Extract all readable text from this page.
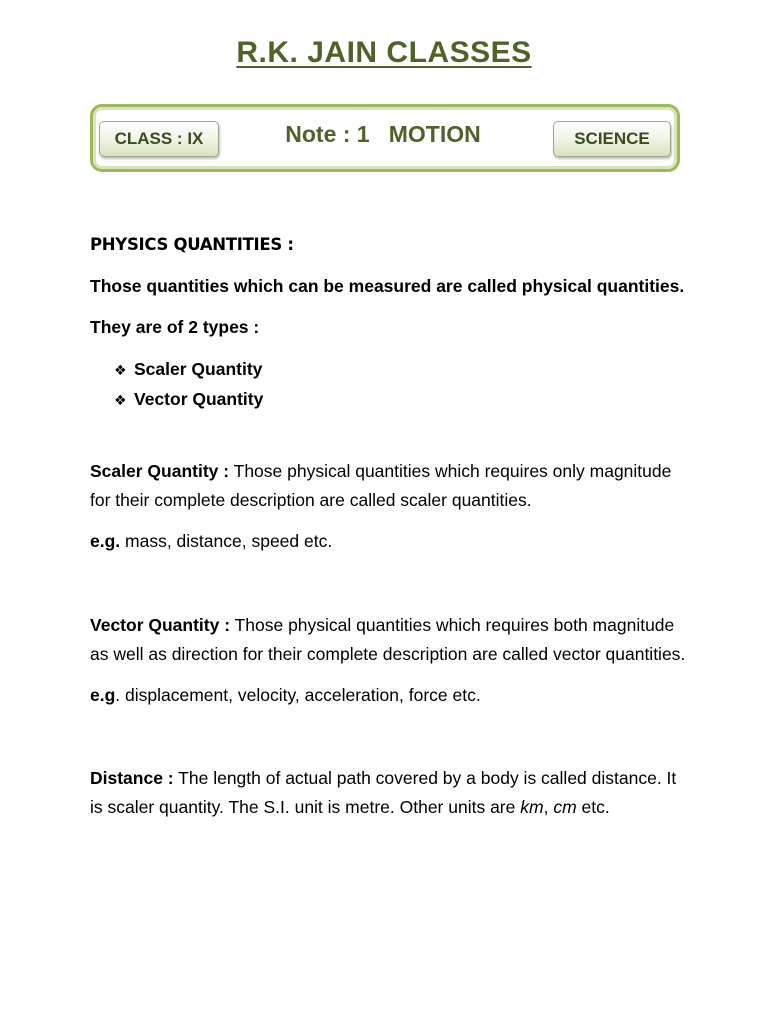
R.K. JAIN CLASSES
CLASS : IX	Note : 1   MOTION	SCIENCE

PHYSICS QUANTITIES :

Those quantities which can be measured are called physical quantities.

They are of 2 types :

❖ Scaler Quantity
❖ Vector Quantity

Scaler Quantity : Those physical quantities which requires only magnitude for their complete description are called scaler quantities.

e.g. mass, distance, speed etc.

Vector Quantity : Those physical quantities which requires both magnitude as well as direction for their complete description are called vector quantities.

e.g. displacement, velocity, acceleration, force etc.

Distance : The length of actual path covered by a body is called distance. It is scaler quantity. The S.I. unit is metre. Other units are km, cm etc.
